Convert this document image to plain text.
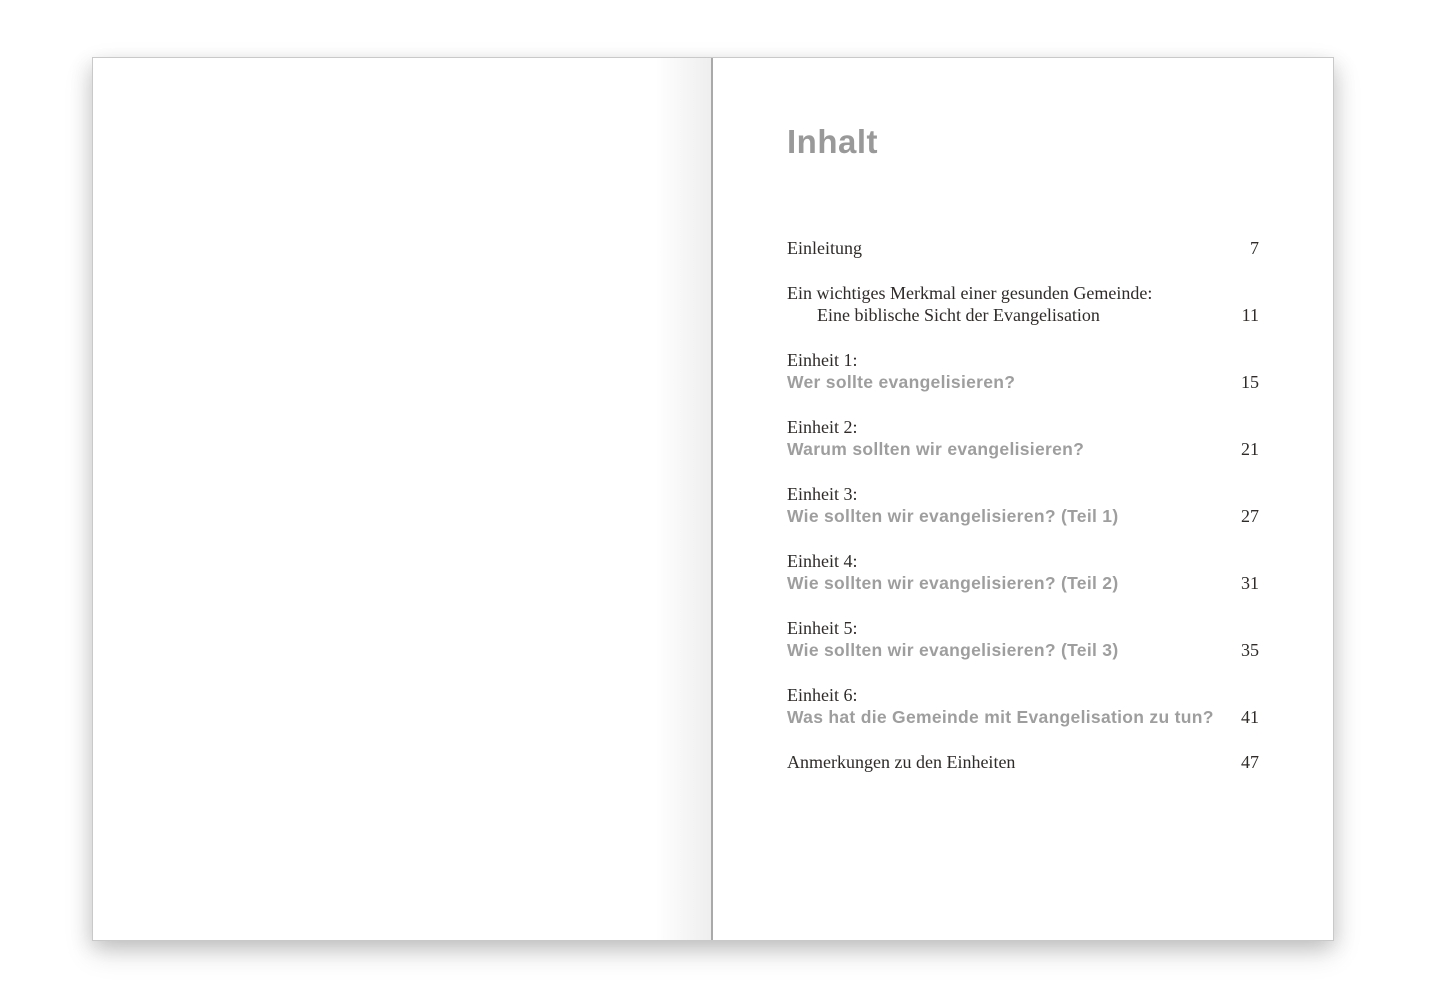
Inhalt
Einleitung	7
Ein wichtiges Merkmal einer gesunden Gemeinde:
Eine biblische Sicht der Evangelisation	11
Einheit 1:
Wer sollte evangelisieren?	15
Einheit 2:
Warum sollten wir evangelisieren?	21
Einheit 3:
Wie sollten wir evangelisieren? (Teil 1)	27
Einheit 4:
Wie sollten wir evangelisieren? (Teil 2)	31
Einheit 5:
Wie sollten wir evangelisieren? (Teil 3)	35
Einheit 6:
Was hat die Gemeinde mit Evangelisation zu tun?	41
Anmerkungen zu den Einheiten	47
